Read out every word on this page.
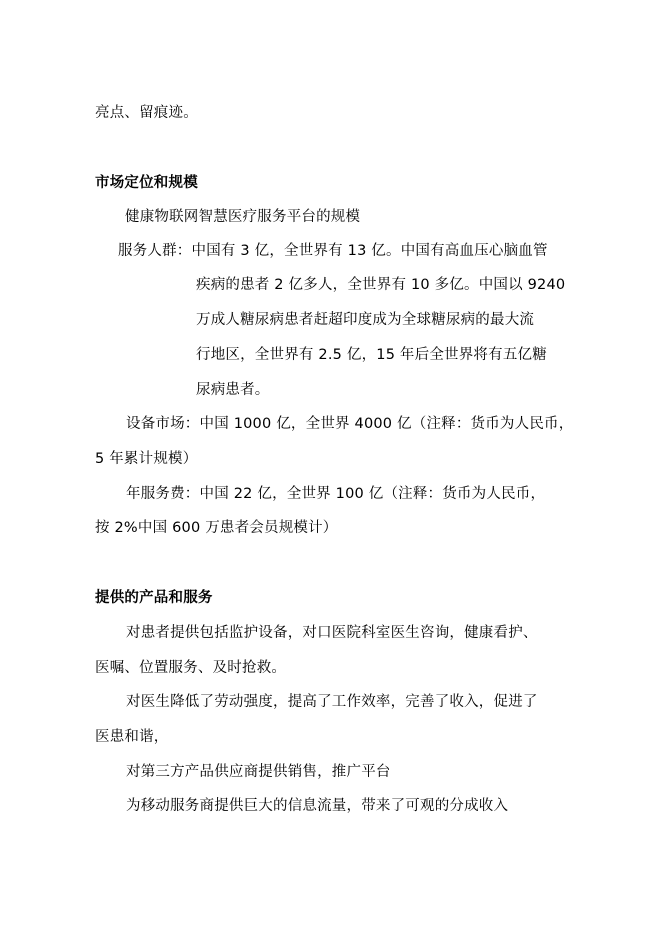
亮点、留痕迹。
市场定位和规模
健康物联网智慧医疗服务平台的规模
服务人群：中国有 3 亿，全世界有 13 亿。中国有高血压心脑血管
疾病的患者 2 亿多人，全世界有 10 多亿。中国以 9240
万成人糖尿病患者赶超印度成为全球糖尿病的最大流
行地区，全世界有 2.5 亿，15 年后全世界将有五亿糖
尿病患者。
设备市场：中国 1000 亿，全世界 4000 亿（注释：货币为人民币，
5 年累计规模）
年服务费：中国 22 亿，全世界 100 亿（注释：货币为人民币，
按 2%中国 600 万患者会员规模计）
提供的产品和服务
对患者提供包括监护设备，对口医院科室医生咨询，健康看护、
医嘱、位置服务、及时抢救。
对医生降低了劳动强度，提高了工作效率，完善了收入，促进了
医患和谐，
对第三方产品供应商提供销售，推广平台
为移动服务商提供巨大的信息流量，带来了可观的分成收入
